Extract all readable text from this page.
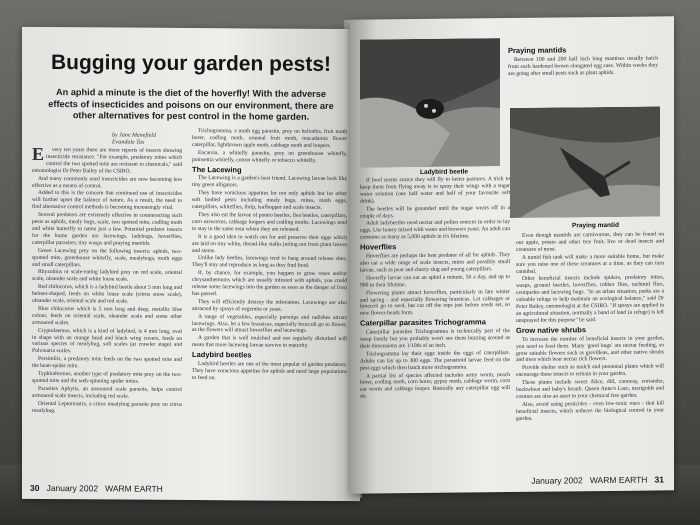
Bugging your garden pests!
An aphid a minute is the diet of the hoverfly! With the adverse effects of insecticides and poisons on our environment, there are other alternatives for pest control in the home garden.
by Jane Menefield
Evandale Tas
E	very ten years there are more reports of insects showing insecticide resistance. "For example, predatory mites which control the two spotted mite are resistant to chemicals," said entomologist Dr Peter Bailey of the CSIRO.

And many commonly used insecticides are now becoming less effective as a means of control.

Added to this is the concern that continued use of insecticides will further upset the balance of nature. As a result, the need to find alternative control methods is becoming increasingly vital.

Several predators are extremely effective in counteracting such pests as aphids, mealy bugs, scale, two spotted mite, codling moth and white butterfly to name just a few. Potential predator insects for the home garden are lacewings, ladybugs, hoverflies, caterpillar parasites, tiny wasps and praying mantids.

Green Lacewing prey on the following insects: aphids, two-spotted mite, greenhouse whitefly, scale, mealybugs, moth eggs and small caterpillars.

Rhyzobius or scale-eating ladybird prey on red scale, oriental scale, oleander scale and white louse scale.

Red chilocorus, which is a ladybird beetle about 5 mm long and helmet-shaped, feeds on white louse scale (citrus snow scale), oleander scale, oriental scale and red scale.

Blue chilocorus which is 5 mm long and deep, metallic blue colour, feeds on oriental scale, oleander scale and some other armoured scales.

Cryptolaemus, which is a kind of ladybird, is 4 mm long, oval in shape with an orange head and black wing covers, feeds on various species of mealybug, soft scales (at crawler stage) and Pulvinaria scales.

Persimilis, a predatory mite feeds on the two spotted mite and the bean spider mite.

Typhlodromus, another type of predatory mite prey on the two-spotted mite and the web-spinning spider mites.

Parasites Aphytis, an armoured scale parasite, helps control armoured scale insects, including red scale.

Oriental Leptomastix, a citrus mealybug parasite prey on citrus mealybug.

Trichogramma, a moth egg parasite, prey on heliothis, fruit moth borer, codling moth, oriental fruit moth, macadamia flower caterpillar, lightbrown apple moth, cabbage moth and loopers.

Encarsia, a whitefly parasite, prey on greenhouse whitefly, poinsettia whitefly, cotton whitefly or tobacco whitefly.

The Lacewing

The Lacewing is a garden's best friend. Lacewing larvae look like tiny green alligators.

They have voracious appetites for not only aphids but for other soft bodied pests including mealy bugs, mites, moth eggs, caterpillars, whiteflies, thrip, leafhopper and scale insects.

They also eat the larvae of potato beetles, flea beetles, caterpillars, corn earworms, cabbage loopers and codling moths. Lacewings tend to stay in the same area where they are released.

It is a good idea to watch out for and preserve their eggs which are laid on tiny white, thread-like stalks jutting out from plant leaves and stems.

Unlike lady beetles, lacewings tend to hang around release sites. They'll stay and reproduce as long as they find food.

If, by chance, for example, you happen to grow roses and/or chrysanthemums which are usually infested with aphids, you could release some lacewings into the garden as soon as the danger of frost has passed.

They will efficiently destroy the infestation. Lacewings are also attracted by sprays of vegemite or yeast.

A range of vegetables, especially parsnips and radishes attract lacewings. Also, let a few brassicas, especially broccoli go to flower, as the flowers will attract hoverflies and lacewings.

A garden that is well mulched and not regularly disturbed will mean that more lacewing larvae survive to maturity.

Ladybird beetles

Ladybird beetles are one of the most popular of garden predators. They have voracious appetites for aphids and need large populations to feed on.

30 January 2002 WARM EARTH
Ladybird beetle
Praying mantids

Between 100 and 200 half inch long mantises usually hatch from each hardened brown elongated egg case. Within weeks they are going after small pests such as plant aphids.

Praying mantid

If food seems scarce they will fly to better pastures. A trick to keep them from flying away is to spray their wings with a sugar water solution (one half water and half of your favourite soft drink).

The beetles will be grounded until the sugar wears off in a couple of days.

Adult ladybeetles need nectar and pollen sources in order to lay eggs. Use honey mixed with water and brewers yeast. An adult can consume as many as 5,000 aphids in it's lifetime.

Hoverflies

Hoverflies are perhaps the best predator of all for aphids. They also eat a wide range of scale insects, mites and possibly small larvae, such as pear and cherry slug and young caterpillars.

Hoverfly larvae can eat an aphid a minute, 50 a day, and up to 900 in their lifetime.

Flowering plants attract hoverflies, particularly in late winter and spring - and especially flowering brassicas. Let cabbages or broccoli go to seed, but cut off the tops just before seeds set, so new flower-heads form.

Caterpillar parasites Trichogramma

Caterpillar parasites Trichogramma is technically part of the wasp family but you probably won't see them buzzing around as their dimensions are 1/10th of an inch.

Trichogramma lay their eggs inside the eggs of caterpillars. Adults can lay up to 300 eggs. The parasitoid larvae feed on the pest eggs which then hatch more trichogramma.

A partial list of species affected includes army worm, peach borer, codling moth, corn borer, gypsy moth, cabbage worm, corn ear worm and cabbage looper. Basically any caterpillar egg will do.

Even though mantids are carnivorous, they can be found on our apple, potato and other tree fruit, live or dead insects and creatures of most.

A tumid fish tank will make a more suitable home, but make sure you raise one of these creatures at a time, as they can turn cannibal.

Other beneficial insects include spiders, predatory mites, wasps, ground beetles, hoverflies, robber flies, tachinid flies, centipedes and lacewing bugs. "In an urban situation, parks are a valuable refuge to help maintain an ecological balance," said Dr Peter Bailey, entomologist at the CSIRO. "If sprays are applied in an agricultural situation, normally a band of land (a refuge) is left unsprayed for this purpose" he said.

Grow native shrubs

To increase the number of beneficial insects in your garden, you need to feed them. Many 'good bugs' are nectar feeding, so grow suitable flowers such as grevilleas, and other native shrubs and trees which bear nectar rich flowers.

Provide shelter such as mulch and perennial plants which will encourage these insects to remain in your garden.

These plants include sweet Alice, dill, caraway, coriander, buckwheat and baby's breath. Queen Anne's Lace, marigolds and cosmos are also an asset to your chemical free garden.

Also, avoid using pesticides - even low-toxic ones - that kill beneficial insects, which reduces the biological control in your garden.

January 2002 WARM EARTH 31
